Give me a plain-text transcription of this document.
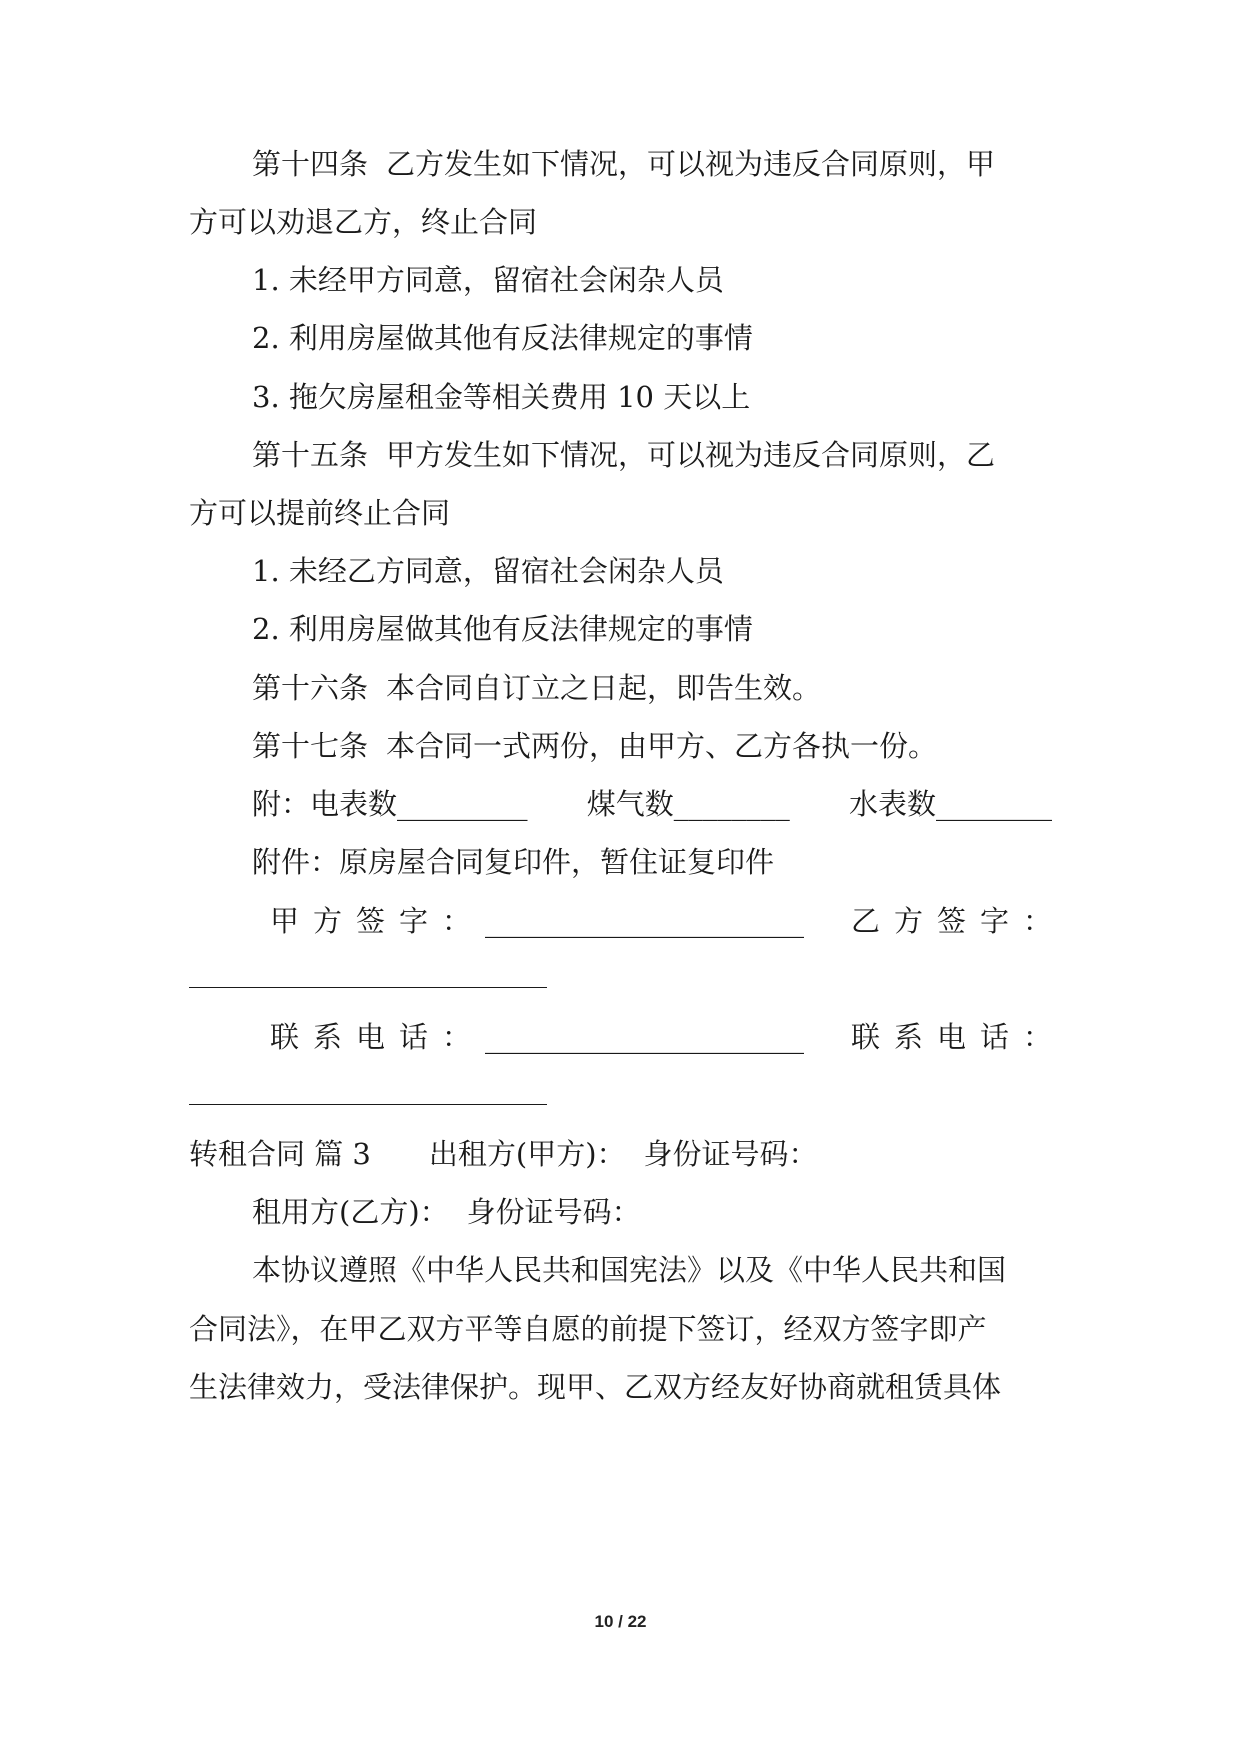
第十四条 乙方发生如下情况，可以视为违反合同原则，甲
方可以劝退乙方，终止合同
1. 未经甲方同意，留宿社会闲杂人员
2. 利用房屋做其他有反法律规定的事情
3. 拖欠房屋租金等相关费用 10 天以上
第十五条 甲方发生如下情况，可以视为违反合同原则，乙
方可以提前终止合同
1. 未经乙方同意，留宿社会闲杂人员
2. 利用房屋做其他有反法律规定的事情
第十六条 本合同自订立之日起，即告生效。
第十七条 本合同一式两份，由甲方、乙方各执一份。
附：电表数_________ 煤气数________ 水表数________
附件：原房屋合同复印件，暂住证复印件
甲方签字：______________________ 乙方签字：
联系电话：______________________ 联系电话：
转租合同 篇 3 出租方(甲方)： 身份证号码：
租用方(乙方)： 身份证号码：
本协议遵照《中华人民共和国宪法》以及《中华人民共和国
合同法》，在甲乙双方平等自愿的前提下签订，经双方签字即产
生法律效力，受法律保护。现甲、乙双方经友好协商就租赁具体
10 / 22
